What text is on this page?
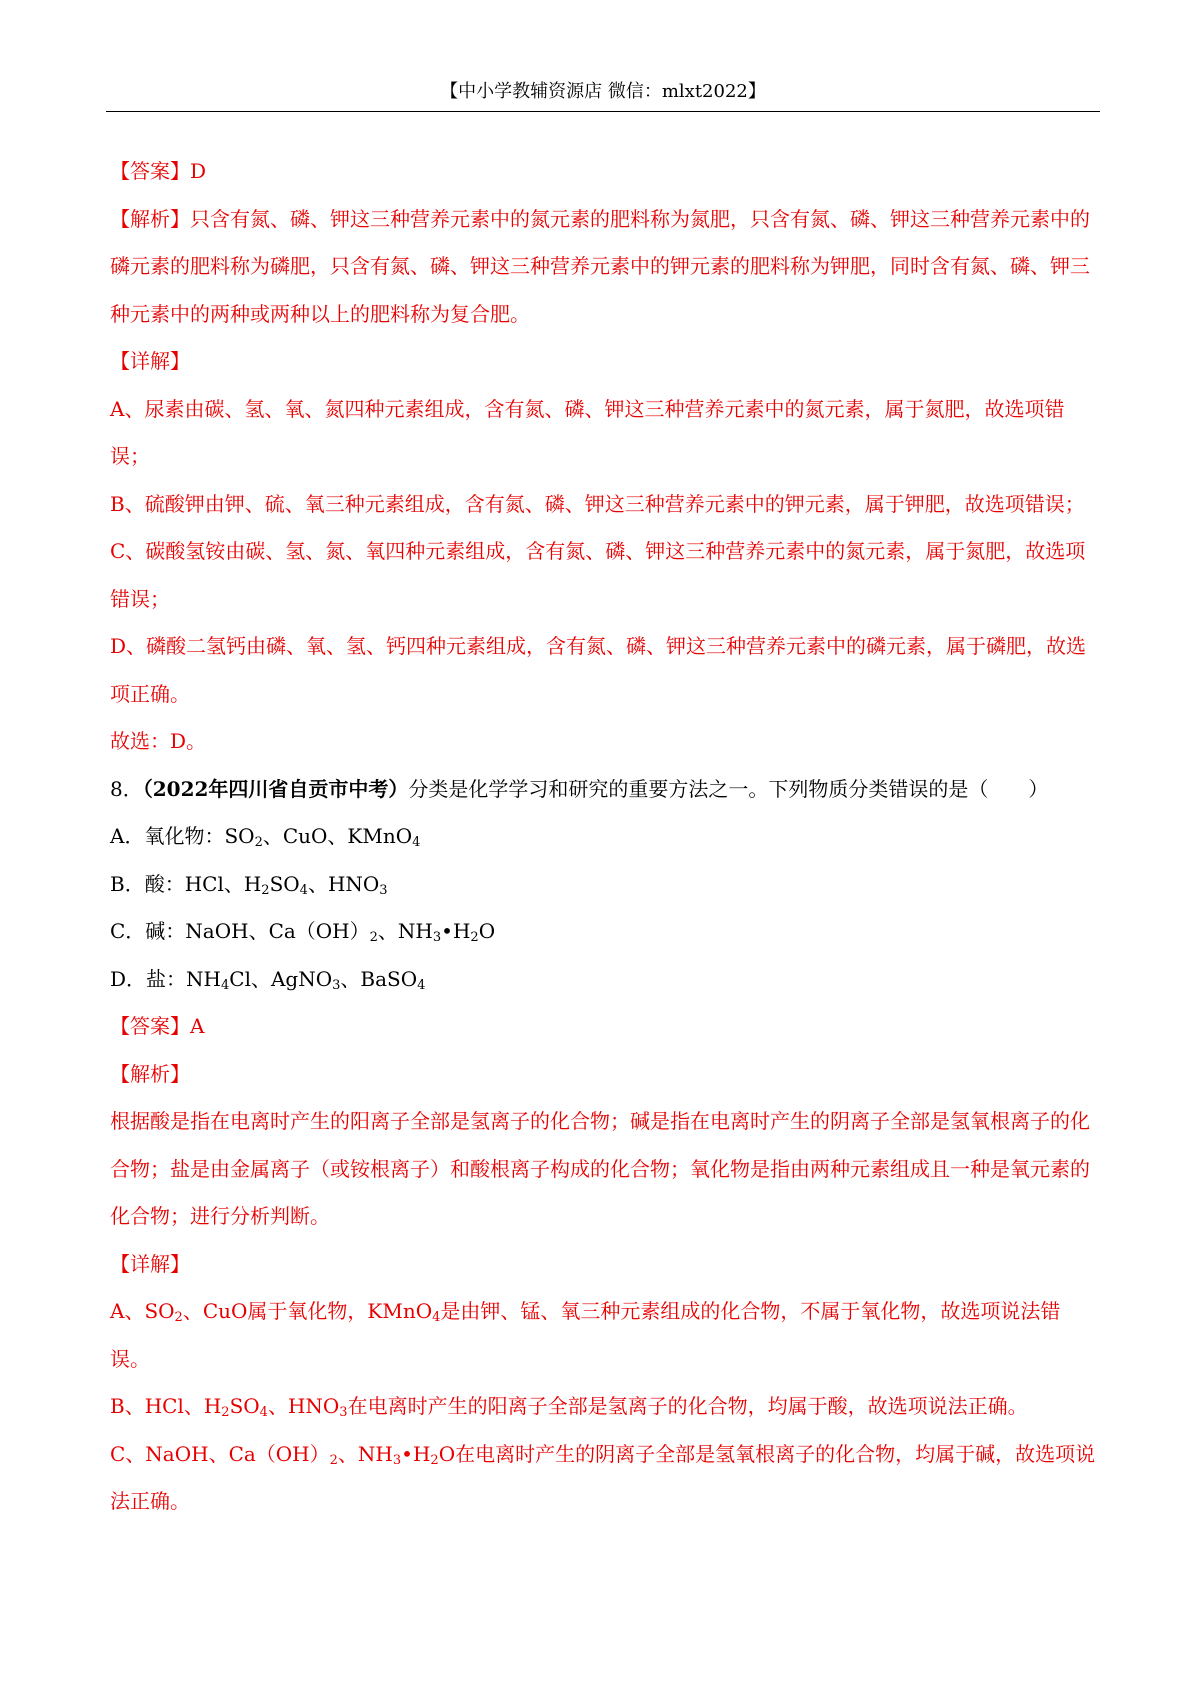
【中小学教辅资源店 微信：mlxt2022】

【答案】D

【解析】只含有氮、磷、钾这三种营养元素中的氮元素的肥料称为氮肥，只含有氮、磷、钾这三种营养元素中的磷元素的肥料称为磷肥，只含有氮、磷、钾这三种营养元素中的钾元素的肥料称为钾肥，同时含有氮、磷、钾三种元素中的两种或两种以上的肥料称为复合肥。

【详解】

A、尿素由碳、氢、氧、氮四种元素组成，含有氮、磷、钾这三种营养元素中的氮元素，属于氮肥，故选项错误；

B、硫酸钾由钾、硫、氧三种元素组成，含有氮、磷、钾这三种营养元素中的钾元素，属于钾肥，故选项错误；

C、碳酸氢铵由碳、氢、氮、氧四种元素组成，含有氮、磷、钾这三种营养元素中的氮元素，属于氮肥，故选项错误；

D、磷酸二氢钙由磷、氧、氢、钙四种元素组成，含有氮、磷、钾这三种营养元素中的磷元素，属于磷肥，故选项正确。

故选：D。

8．（2022年四川省自贡市中考）分类是化学学习和研究的重要方法之一。下列物质分类错误的是（　　）

A．氧化物：$SO_2$、CuO、KMnO$_4$

B．酸：HCl、$H_2SO_4$、$HNO_3$

C．碱：NaOH、$Ca(OH)_2$、$NH_3•H_2O$

D．盐：$NH_4Cl$、AgNO$_3$、BaSO$_4$

【答案】A

【解析】

根据酸是指在电离时产生的阳离子全部是氢离子的化合物；碱是指在电离时产生的阴离子全部是氢氧根离子的化合物；盐是由金属离子（或铵根离子）和酸根离子构成的化合物；氧化物是指由两种元素组成且一种是氧元素的化合物；进行分析判断。

【详解】

A、$SO_2$、CuO属于氧化物，KMnO$_4$是由钾、锰、氧三种元素组成的化合物，不属于氧化物，故选项说法错误。

B、HCl、$H_2SO_4$、$HNO_3$在电离时产生的阳离子全部是氢离子的化合物，均属于酸，故选项说法正确。

C、NaOH、$Ca(OH)_2$、$NH_3•H_2O$在电离时产生的阴离子全部是氢氧根离子的化合物，均属于碱，故选项说法正确。
